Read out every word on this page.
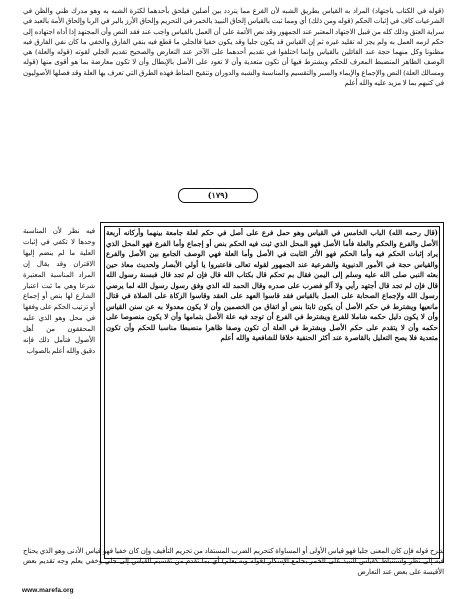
(قوله في الكتاب باجتهاد) المراد به القياس بطريق الشبه لأن الفرع مما يتردد بين أصلين فيلحق بأحدهما لكثرة الشبه به وهو مدرك ظني والظن في الشرعيات كاف في إثبات الحكم (قوله ومن ذلك) أي ومما ثبت بالقياس إلحاق النبيذ بالخمر في التحريم وإلحاق الأرز بالبر في الربا وإلحاق الأمة بالعبد في سراية العتق وذلك كله من قبيل الاجتهاد المعتبر عند الجمهور وقد نص الأئمة على أن العمل بالقياس واجب عند فقد النص وأن المجتهد إذا أداه اجتهاده إلى حكم لزمه العمل به ولم يجز له تقليد غيره ثم إن القياس قد يكون جليا وقد يكون خفيا فالجلي ما قطع فيه بنفي الفارق والخفي ما كان نفي الفارق فيه مظنونا وكل منهما حجة عند القائلين بالقياس وإنما اختلفوا في تقديم أحدهما على الآخر عند التعارض والصحيح تقديم الجلي لقوته (قوله والعلة) هي الوصف الظاهر المنضبط المعرف للحكم ويشترط فيها أن تكون متعدية وأن لا تعود على الأصل بالإبطال وأن لا تكون معارضة بما هو أقوى منها (قوله ومسالك العلة) النص والإجماع والإيماء والسبر والتقسيم والمناسبة والشبه والدوران وتنقيح المناط فهذه الطرق التي تعرف بها العلة وقد فصلها الأصوليون في كتبهم بما لا مزيد عليه والله أعلم
(١٧٩)
فيه نظر لأن المناسبة وحدها لا تكفي في إثبات العلية ما لم ينضم إليها الاقتران وقد يقال إن المراد المناسبة المعتبرة شرعا وهي ما ثبت اعتبار الشارع لها بنص أو إجماع أو ترتيب الحكم على وفقها في محل وهو الذي عليه المحققون من أهل الأصول فتأمل ذلك فإنه دقيق والله أعلم بالصواب
(قال رحمه الله) الباب الخامس في القياس وهو حمل فرع على أصل في حكم لعلة جامعة بينهما وأركانه أربعة الأصل والفرع والحكم والعلة فأما الأصل فهو المحل الذي ثبت فيه الحكم بنص أو إجماع وأما الفرع فهو المحل الذي يراد إثبات الحكم فيه وأما الحكم فهو الأثر الثابت في الأصل وأما العلة فهي الوصف الجامع بين الأصل والفرع والقياس حجة في الأمور الدنيوية والشرعية عند الجمهور لقوله تعالى فاعتبروا يا أولي الأبصار ولحديث معاذ حين بعثه النبي صلى الله عليه وسلم إلى اليمن فقال بم تحكم قال بكتاب الله قال فإن لم تجد قال فبسنة رسول الله قال فإن لم تجد قال أجتهد رأيي ولا آلو فضرب على صدره وقال الحمد لله الذي وفق رسول رسول الله لما يرضي رسول الله ولإجماع الصحابة على العمل بالقياس فقد قاسوا العهد على العقد وقاسوا الزكاة على الصلاة في قتال مانعيها ويشترط في حكم الأصل أن يكون ثابتا بنص أو اتفاق من الخصمين وأن لا يكون معدولا به عن سنن القياس وأن لا يكون دليل حكمه شاملا للفرع ويشترط في الفرع أن توجد فيه علة الأصل بتمامها وأن لا يكون منصوصا على حكمه وأن لا يتقدم على حكم الأصل ويشترط في العلة أن تكون وصفا ظاهرا منضبطا مناسبا للحكم وأن تكون متعدية فلا يصح التعليل بالقاصرة عند أكثر الحنفية خلافا للشافعية والله أعلم
شرح قوله فإن كان المعنى جليا فهو قياس الأولى أو المساواة كتحريم الضرب المستفاد من تحريم التأفيف وإن كان خفيا فهو قياس الأدنى وهو الذي يحتاج فيه إلى نظر واستنباط كقياس النبيذ على الخمر بجامع الإسكار (قوله وبه يعلم) أي بما تقدم من تقسيم القياس إلى جلي وخفي يعلم وجه تقديم بعض الأقيسة على بعض عند التعارض
www.marefa.org
